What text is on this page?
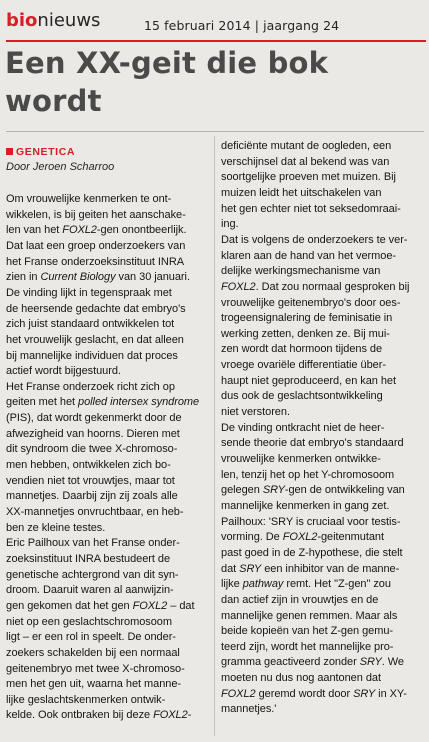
bionieuws	15 februari 2014 | jaargang 24
Een XX-geit die bok wordt
GENETICA
Door Jeroen Scharroo
Om vrouwelijke kenmerken te ont-
wikkelen, is bij geiten het aanschake-
len van het FOXL2-gen onontbeerlijk.
Dat laat een groep onderzoekers van
het Franse onderzoeksinstituut INRA
zien in Current Biology van 30 januari.
De vinding lijkt in tegenspraak met
de heersende gedachte dat embryo's
zich juist standaard ontwikkelen tot
het vrouwelijk geslacht, en dat alleen
bij mannelijke individuen dat proces
actief wordt bijgestuurd.
Het Franse onderzoek richt zich op
geiten met het polled intersex syndrome
(PIS), dat wordt gekenmerkt door de
afwezigheid van hoorns. Dieren met
dit syndroom die twee X-chromoso-
men hebben, ontwikkelen zich bo-
vendien niet tot vrouwtjes, maar tot
mannetjes. Daarbij zijn zij zoals alle
XX-mannetjes onvruchtbaar, en heb-
ben ze kleine testes.
Eric Pailhoux van het Franse onder-
zoeksinstituut INRA bestudeert de
genetische achtergrond van dit syn-
droom. Daaruit waren al aanwijzin-
gen gekomen dat het gen FOXL2 – dat
niet op een geslachtschromosoom
ligt – er een rol in speelt. De onder-
zoekers schakelden bij een normaal
geitenembryo met twee X-chromoso-
men het gen uit, waarna het manne-
lijke geslachtskenmerken ontwik-
kelde. Ook ontbraken bij deze FOXL2-
deficiënte mutant de oogleden, een
verschijnsel dat al bekend was van
soortgelijke proeven met muizen. Bij
muizen leidt het uitschakelen van
het gen echter niet tot seksedomraai-
ing.
Dat is volgens de onderzoekers te ver-
klaren aan de hand van het vermoe-
delijke werkingsmechanisme van
FOXL2. Dat zou normaal gesproken bij
vrouwelijke geitenembryo's door oes-
trogeensignalering de feminisatie in
werking zetten, denken ze. Bij mui-
zen wordt dat hormoon tijdens de
vroege ovariële differentiatie über-
haupt niet geproduceerd, en kan het
dus ook de geslachtsontwikkeling
niet verstoren.
De vinding ontkracht niet de heer-
sende theorie dat embryo's standaard
vrouwelijke kenmerken ontwikke-
len, tenzij het op het Y-chromosoom
gelegen SRY-gen de ontwikkeling van
mannelijke kenmerken in gang zet.
Pailhoux: 'SRY is cruciaal voor testis-
vorming. De FOXL2-geitenmutant
past goed in de Z-hypothese, die stelt
dat SRY een inhibitor van de manne-
lijke pathway remt. Het "Z-gen" zou
dan actief zijn in vrouwtjes en de
mannelijke genen remmen. Maar als
beide kopieën van het Z-gen gemu-
teerd zijn, wordt het mannelijke pro-
gramma geactiveerd zonder SRY. We
moeten nu dus nog aantonen dat
FOXL2 geremd wordt door SRY in XY-
mannetjes.'
